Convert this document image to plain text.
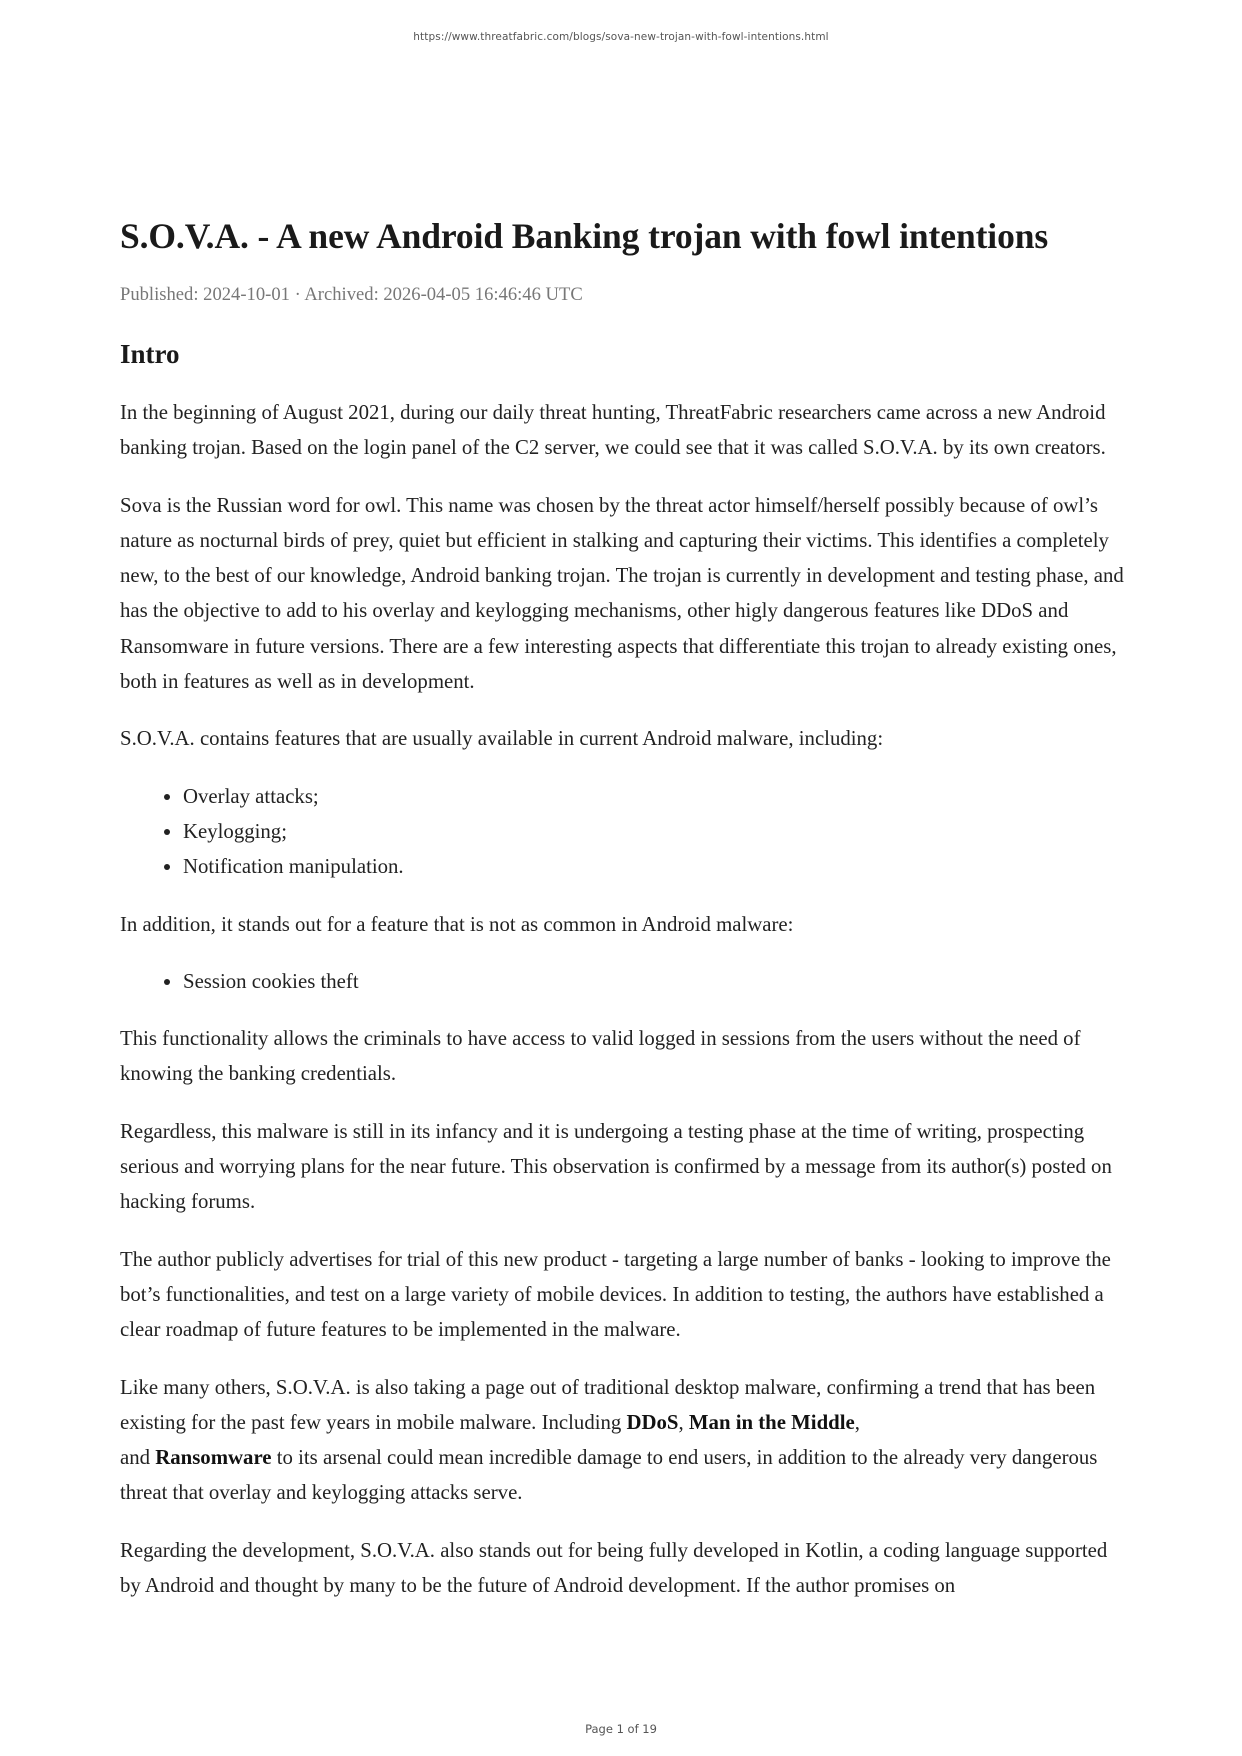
https://www.threatfabric.com/blogs/sova-new-trojan-with-fowl-intentions.html
S.O.V.A. - A new Android Banking trojan with fowl intentions
Published: 2024-10-01 · Archived: 2026-04-05 16:46:46 UTC
Intro

In the beginning of August 2021, during our daily threat hunting, ThreatFabric researchers came across a new Android banking trojan. Based on the login panel of the C2 server, we could see that it was called S.O.V.A. by its own creators.

Sova is the Russian word for owl. This name was chosen by the threat actor himself/herself possibly because of owl’s nature as nocturnal birds of prey, quiet but efficient in stalking and capturing their victims. This identifies a completely new, to the best of our knowledge, Android banking trojan. The trojan is currently in development and testing phase, and has the objective to add to his overlay and keylogging mechanisms, other higly dangerous features like DDoS and Ransomware in future versions. There are a few interesting aspects that differentiate this trojan to already existing ones, both in features as well as in development.

S.O.V.A. contains features that are usually available in current Android malware, including:

• Overlay attacks;
• Keylogging;
• Notification manipulation.

In addition, it stands out for a feature that is not as common in Android malware:

• Session cookies theft

This functionality allows the criminals to have access to valid logged in sessions from the users without the need of knowing the banking credentials.

Regardless, this malware is still in its infancy and it is undergoing a testing phase at the time of writing, prospecting serious and worrying plans for the near future. This observation is confirmed by a message from its author(s) posted on hacking forums.

The author publicly advertises for trial of this new product - targeting a large number of banks - looking to improve the bot’s functionalities, and test on a large variety of mobile devices. In addition to testing, the authors have established a clear roadmap of future features to be implemented in the malware.

Like many others, S.O.V.A. is also taking a page out of traditional desktop malware, confirming a trend that has been existing for the past few years in mobile malware. Including DDoS, Man in the Middle,
and Ransomware to its arsenal could mean incredible damage to end users, in addition to the already very dangerous threat that overlay and keylogging attacks serve.

Regarding the development, S.O.V.A. also stands out for being fully developed in Kotlin, a coding language supported by Android and thought by many to be the future of Android development. If the author promises on

Page 1 of 19
